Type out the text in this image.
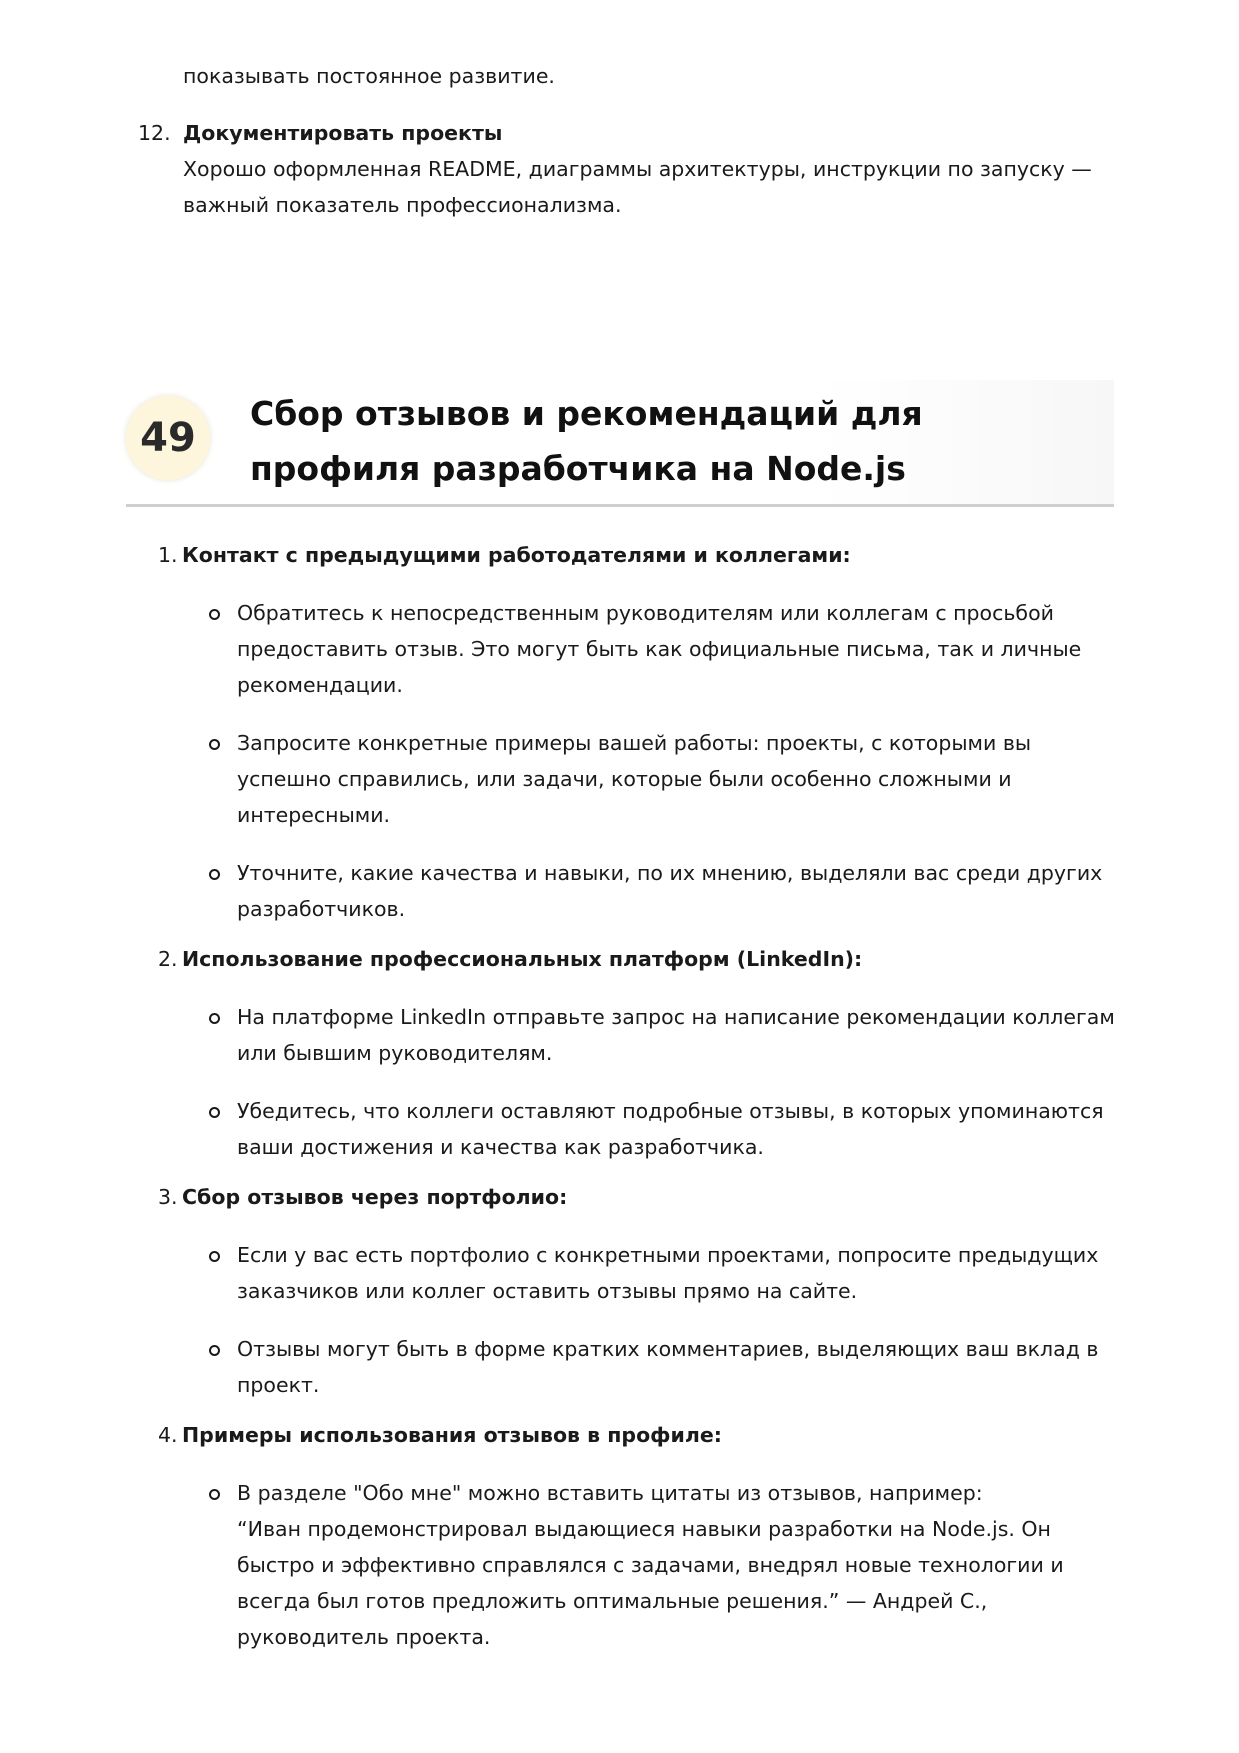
показывать постоянное развитие.

12. Документировать проекты

Хорошо оформленная README, диаграммы архитектуры, инструкции по запуску — важный показатель профессионализма.

49
Сбор отзывов и рекомендаций для профиля разработчика на Node.js
1. Контакт с предыдущими работодателями и коллегами:

Обратитесь к непосредственным руководителям или коллегам с просьбой предоставить отзыв. Это могут быть как официальные письма, так и личные рекомендации.

Запросите конкретные примеры вашей работы: проекты, с которыми вы успешно справились, или задачи, которые были особенно сложными и интересными.

Уточните, какие качества и навыки, по их мнению, выделяли вас среди других разработчиков.

2. Использование профессиональных платформ (LinkedIn):

На платформе LinkedIn отправьте запрос на написание рекомендации коллегам или бывшим руководителям.

Убедитесь, что коллеги оставляют подробные отзывы, в которых упоминаются ваши достижения и качества как разработчика.

3. Сбор отзывов через портфолио:

Если у вас есть портфолио с конкретными проектами, попросите предыдущих заказчиков или коллег оставить отзывы прямо на сайте.

Отзывы могут быть в форме кратких комментариев, выделяющих ваш вклад в проект.

4. Примеры использования отзывов в профиле:

В разделе "Обо мне" можно вставить цитаты из отзывов, например:

“Иван продемонстрировал выдающиеся навыки разработки на Node.js. Он быстро и эффективно справлялся с задачами, внедрял новые технологии и всегда был готов предложить оптимальные решения.” — Андрей С., руководитель проекта.
